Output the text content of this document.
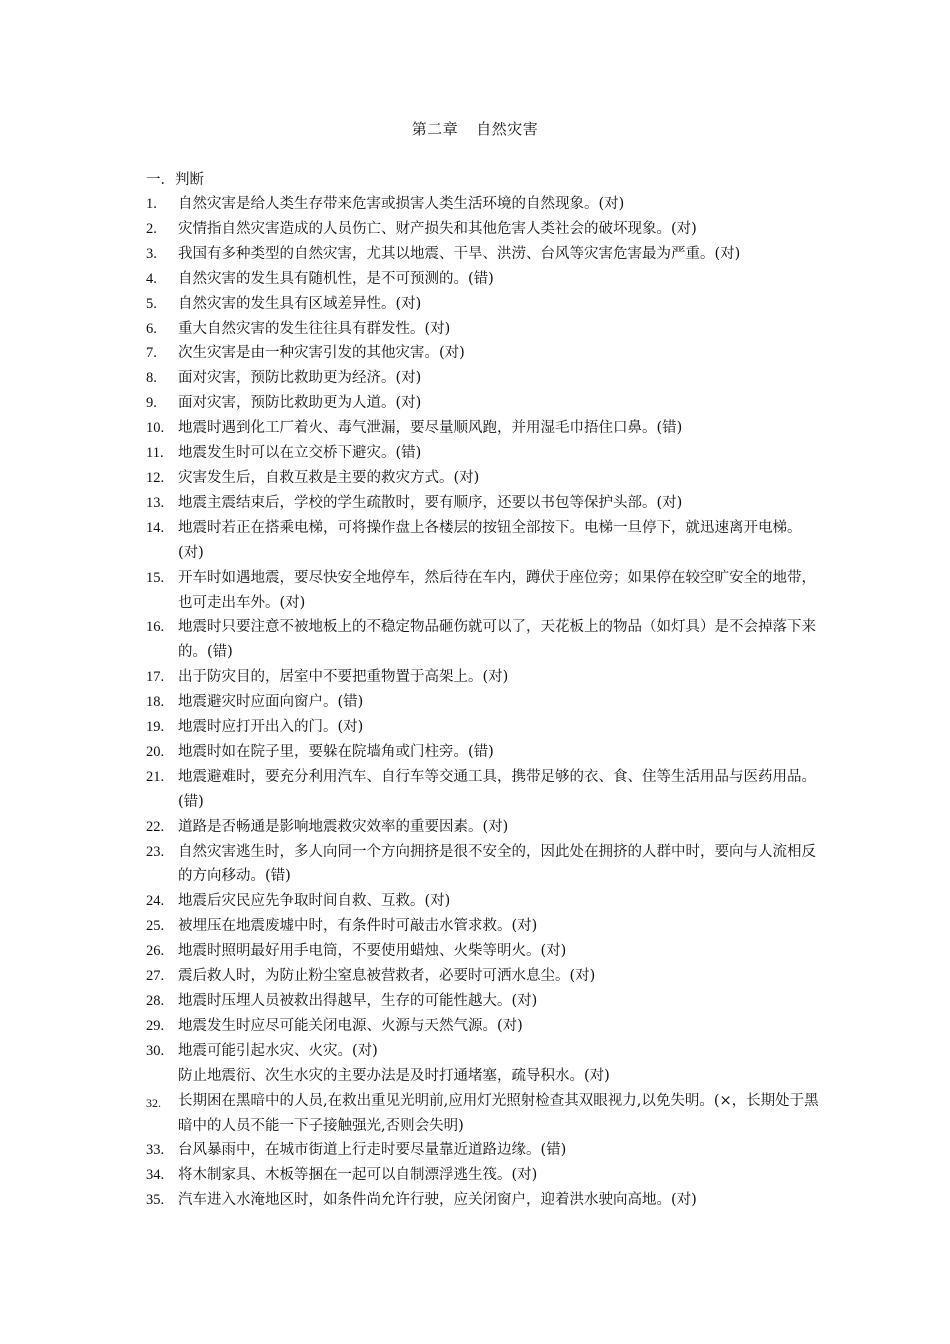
第二章 自然灾害
一．判断
1.	自然灾害是给人类生存带来危害或损害人类生活环境的自然现象。(对)
2.	灾情指自然灾害造成的人员伤亡、财产损失和其他危害人类社会的破坏现象。(对)
3.	我国有多种类型的自然灾害，尤其以地震、干旱、洪涝、台风等灾害危害最为严重。(对)
4.	自然灾害的发生具有随机性，是不可预测的。(错)
5.	自然灾害的发生具有区域差异性。(对)
6.	重大自然灾害的发生往往具有群发性。(对)
7.	次生灾害是由一种灾害引发的其他灾害。(对)
8.	面对灾害，预防比救助更为经济。(对)
9.	面对灾害，预防比救助更为人道。(对)
10. 地震时遇到化工厂着火、毒气泄漏，要尽量顺风跑，并用湿毛巾捂住口鼻。(错)
11. 地震发生时可以在立交桥下避灾。(错)
12. 灾害发生后，自救互救是主要的救灾方式。(对)
13. 地震主震结束后，学校的学生疏散时，要有顺序，还要以书包等保护头部。(对)
14. 地震时若正在搭乘电梯，可将操作盘上各楼层的按钮全部按下。电梯一旦停下，就迅速离开电梯。(对)
15. 开车时如遇地震，要尽快安全地停车，然后待在车内，蹲伏于座位旁；如果停在较空旷安全的地带，也可走出车外。(对)
16. 地震时只要注意不被地板上的不稳定物品砸伤就可以了，天花板上的物品（如灯具）是不会掉落下来的。(错)
17. 出于防灾目的，居室中不要把重物置于高架上。(对)
18. 地震避灾时应面向窗户。(错)
19. 地震时应打开出入的门。(对)
20. 地震时如在院子里，要躲在院墙角或门柱旁。(错)
21. 地震避难时，要充分利用汽车、自行车等交通工具，携带足够的衣、食、住等生活用品与医药用品。(错)
22. 道路是否畅通是影响地震救灾效率的重要因素。(对)
23. 自然灾害逃生时，多人向同一个方向拥挤是很不安全的，因此处在拥挤的人群中时，要向与人流相反的方向移动。(错)
24. 地震后灾民应先争取时间自救、互救。(对)
25. 被埋压在地震废墟中时，有条件时可敲击水管求救。(对)
26. 地震时照明最好用手电筒，不要使用蜡烛、火柴等明火。(对)
27. 震后救人时，为防止粉尘窒息被营救者，必要时可洒水息尘。(对)
28. 地震时压埋人员被救出得越早，生存的可能性越大。(对)
29. 地震发生时应尽可能关闭电源、火源与天然气源。(对)
30. 地震可能引起水灾、火灾。(对)
防止地震衍、次生水灾的主要办法是及时打通堵塞，疏导积水。(对)
32.	长期困在黑暗中的人员,在救出重见光明前,应用灯光照射检查其双眼视力,以免失明。(×，长期处于黑暗中的人员不能一下子接触强光,否则会失明)
33. 台风暴雨中，在城市街道上行走时要尽量靠近道路边缘。(错)
34. 将木制家具、木板等捆在一起可以自制漂浮逃生筏。(对)
35. 汽车进入水淹地区时，如条件尚允许行驶，应关闭窗户，迎着洪水驶向高地。(对)
